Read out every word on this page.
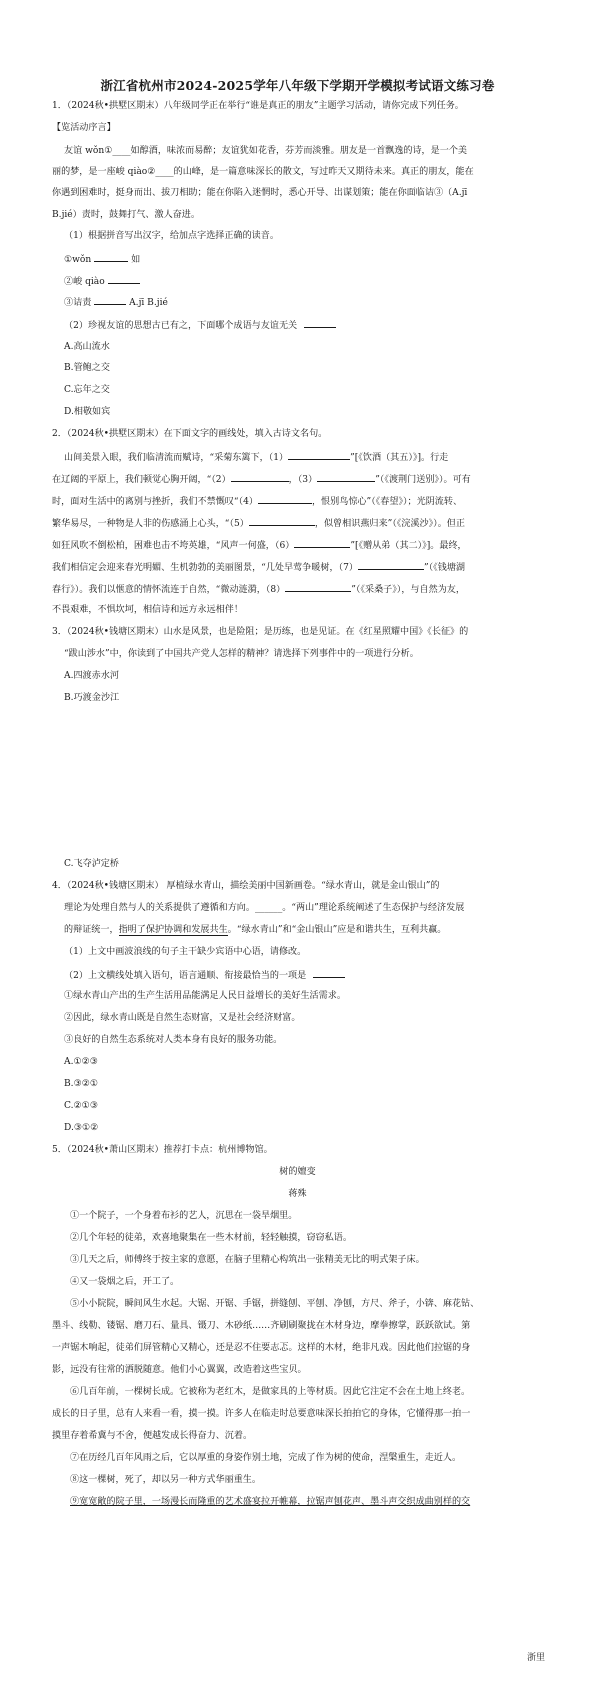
浙江省杭州市2024-2025学年八年级下学期开学模拟考试语文练习卷
1．（2024秋•拱墅区期末）八年级同学正在举行“谁是真正的朋友”主题学习活动，请你完成下列任务。
【览活动序言】
友谊 wǒn①____如醇酒，味浓而易醉；友谊犹如花香，芬芳而淡雅。朋友是一首飘逸的诗，是一个美
丽的梦，是一座峻 qiào②____的山峰，是一篇意味深长的散文，写过昨天又期待未来。真正的朋友，能在
你遇到困难时，挺身而出、拔刀相助；能在你陷入迷惘时，悉心开导、出谋划策；能在你面临诘③（A.jī
B.jié）责时，鼓舞打气、激人奋进。
（1）根据拼音写出汉字，给加点字选择正确的读音。
①wǒn	如
②峻 qiào
③诘责	A.jī B.jié
（2）珍视友谊的思想古已有之，下面哪个成语与友谊无关
A.高山流水
B.管鲍之交
C.忘年之交
D.相敬如宾
2．（2024秋•拱墅区期末）在下面文字的画线处，填入古诗文名句。
山间美景入眼，我们临清流而赋诗，“采菊东篱下，（1）	”[《饮酒（其五）》]。行走
在辽阔的平原上，我们顿觉心胸开阔，“（2）	，（3）	”（《渡荆门送别》）。可有
时，面对生活中的离别与挫折，我们不禁慨叹“（4）	，恨别鸟惊心”（《春望》）；光阴流转、
繁华易尽，一种物是人非的伤感涌上心头，“（5）	，似曾相识燕归来”（《浣溪沙》）。但正
如狂风吹不倒松柏，困难也击不垮英雄，“风声一何盛，（6）	”[《赠从弟（其二）》]。最终，
我们相信定会迎来春光明媚、生机勃勃的美丽图景，“几处早莺争暖树，（7）	”（《钱塘湖
春行》）。我们以惬意的情怀流连于自然，“微动涟漪，（8）	”（《采桑子》），与自然为友，
不畏艰难，不惧坎坷，相信诗和远方永远相伴！
3．（2024秋•钱塘区期末）山水是风景，也是险阻；是历练，也是见证。在《红星照耀中国》《长征》的
“跋山涉水”中，你读到了中国共产党人怎样的精神？请选择下列事件中的一项进行分析。
A.四渡赤水河
B.巧渡金沙江
C.飞夺泸定桥
4．（2024秋•钱塘区期末） 厚植绿水青山，描绘美丽中国新画卷。“绿水青山，就是金山银山”的
理论为处理自然与人的关系提供了遵循和方向。______。“两山”理论系统阐述了生态保护与经济发展
的辩证统一，指明了保护协调和发展共生。“绿水青山”和“金山银山”应是和谐共生，互利共赢。
（1）上文中画波浪线的句子主干缺少宾语中心语，请修改。
（2）上文横线处填入语句，语言通顺、衔接最恰当的一项是
①绿水青山产出的生产生活用品能满足人民日益增长的美好生活需求。
②因此，绿水青山既是自然生态财富，又是社会经济财富。
③良好的自然生态系统对人类本身有良好的服务功能。
A.①②③
B.③②①
C.②①③
D.③①②
5．（2024秋•萧山区期末）推荐打卡点：杭州博物馆。
树的嬗变
蒋殊
①一个院子，一个身着布衫的艺人，沉思在一袋旱烟里。
②几个年轻的徒弟，欢喜地聚集在一些木材前，轻轻触摸，窃窃私语。
③几天之后，师傅终于按主家的意愿，在脑子里精心构筑出一张精美无比的明式架子床。
④又一袋烟之后，开工了。
⑤小小院院，瞬间风生水起。大锯、开锯、手锯，拼缝刨、平刨、净刨，方尺、斧子，小锛、麻花钻、
墨斗、线勒、镂锯、磨刀石、量具、镊刀、木砂纸……齐刷刷聚拢在木材身边，摩拳擦掌，跃跃欲试。第
一声锯木响起，徒弟们屏管精心又精心，还是忍不住要志忑。这样的木材，绝非凡戏。因此他们拉锯的身
影，远没有往常的洒脱随意。他们小心翼翼，改造着这些宝贝。
⑥几百年前，一棵树长成。它被称为老红木，是做家具的上等材质。因此它注定不会在土地上终老。
成长的日子里，总有人来看一看，摸一摸。许多人在临走时总要意味深长拍拍它的身体，它懂得那一拍一
摸里存着希冀与不舍，便越发成长得奋力、沉着。
⑦在历经几百年风雨之后，它以厚重的身姿作别土地，完成了作为树的使命，涅槃重生，走近人。
⑧这一棵树，死了，却以另一种方式华丽重生。
⑨宽宽敞的院子里，一场漫长而隆重的艺术盛宴拉开帷幕，拉锯声刨花声、墨斗声交织成曲别样的交
浙里
